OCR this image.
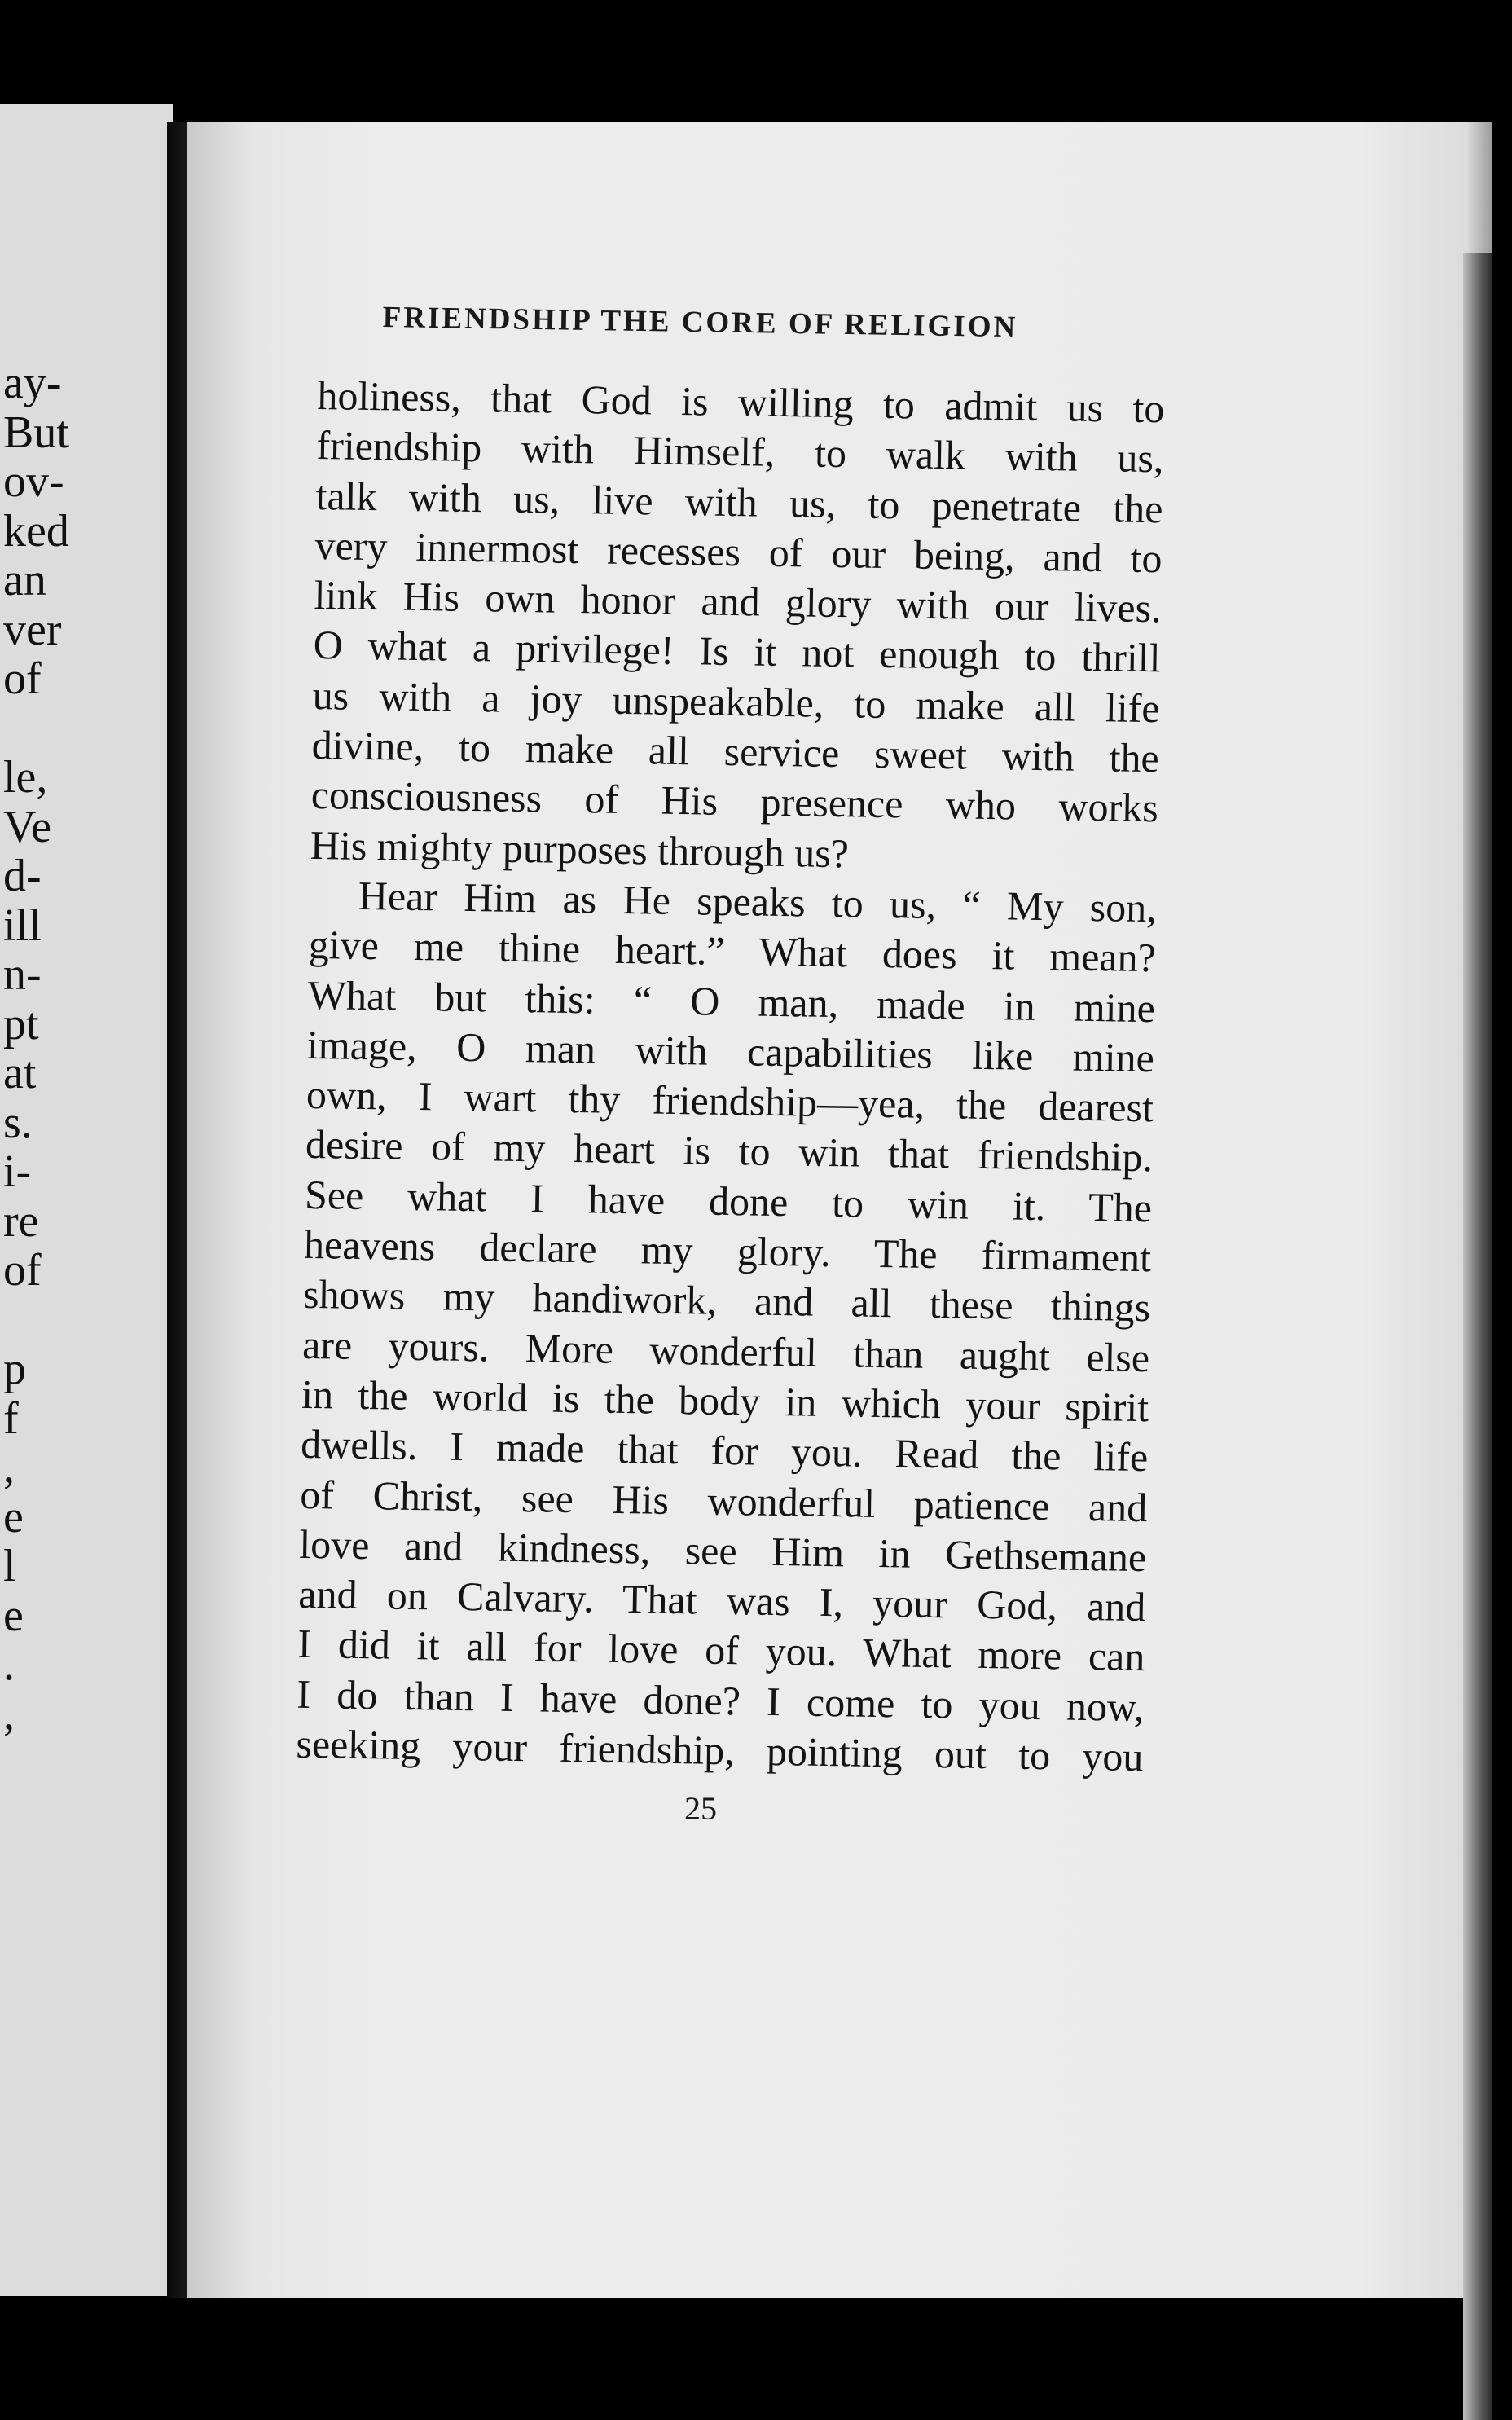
ay-
But
ov-
ked
an
ver
of
le,
Ve
d-
ill
n-
pt
at
s.
i-
re
of
p
f
,
e
l
e
.
,
FRIENDSHIP THE CORE OF RELIGION
holiness, that God is willing to admit us to
friendship with Himself, to walk with us,
talk with us, live with us, to penetrate the
very innermost recesses of our being, and to
link His own honor and glory with our lives.
O what a privilege! Is it not enough to thrill
us with a joy unspeakable, to make all life
divine, to make all service sweet with the
consciousness of His presence who works
His mighty purposes through us?
Hear Him as He speaks to us, “ My son,
give me thine heart.” What does it mean?
What but this: “ O man, made in mine
image, O man with capabilities like mine
own, I wart thy friendship—yea, the dearest
desire of my heart is to win that friendship.
See what I have done to win it. The
heavens declare my glory. The firmament
shows my handiwork, and all these things
are yours. More wonderful than aught else
in the world is the body in which your spirit
dwells. I made that for you. Read the life
of Christ, see His wonderful patience and
love and kindness, see Him in Gethsemane
and on Calvary. That was I, your God, and
I did it all for love of you. What more can
I do than I have done? I come to you now,
seeking your friendship, pointing out to you
25
